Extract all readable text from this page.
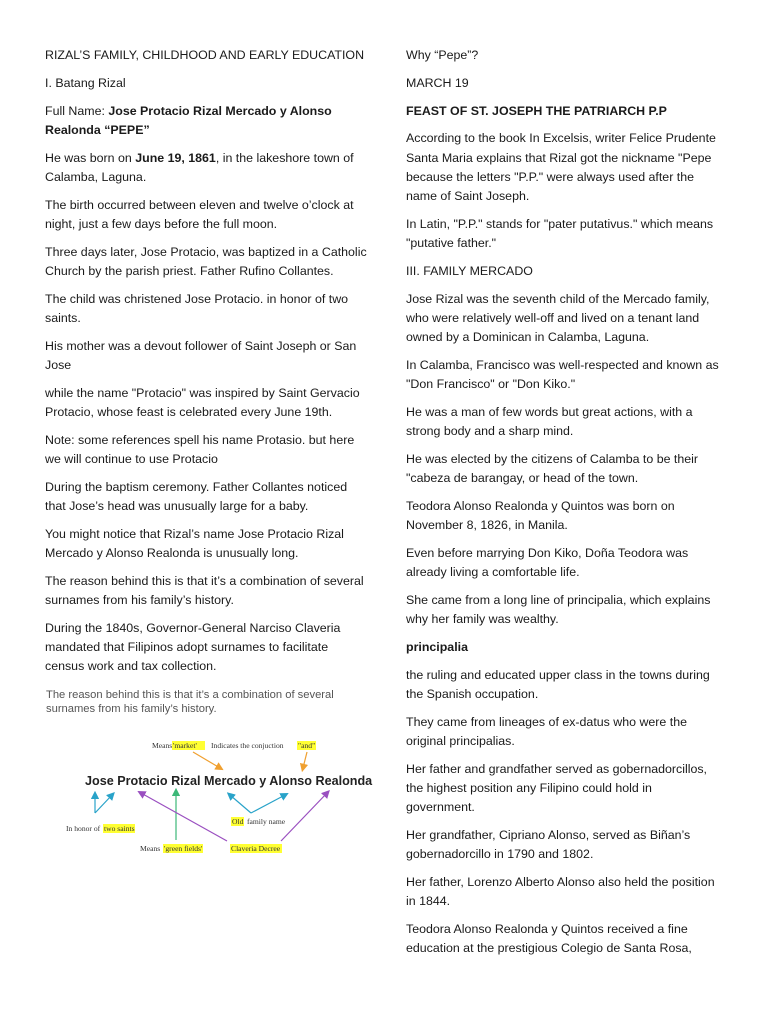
RIZAL’S FAMILY, CHILDHOOD AND EARLY EDUCATION

I. Batang Rizal

Full Name: Jose Protacio Rizal Mercado y Alonso Realonda “PEPE”

He was born on June 19, 1861, in the lakeshore town of Calamba, Laguna.

The birth occurred between eleven and twelve o’clock at night, just a few days before the full moon.

Three days later, Jose Protacio, was baptized in a Catholic Church by the parish priest. Father Rufino Collantes.

The child was christened Jose Protacio. in honor of two saints.

His mother was a devout follower of Saint Joseph or San Jose

while the name "Protacio" was inspired by Saint Gervacio Protacio, whose feast is celebrated every June 19th.

Note: some references spell his name Protasio. but here we will continue to use Protacio

During the baptism ceremony. Father Collantes noticed that Jose’s head was unusually large for a baby.

You might notice that Rizal’s name Jose Protacio Rizal Mercado y Alonso Realonda is unusually long.

The reason behind this is that it’s a combination of several surnames from his family’s history.

During the 1840s, Governor-General Narciso Claveria mandated that Filipinos adopt surnames to facilitate census work and tax collection.

The reason behind this is that it’s a combination of several surnames from his family’s history.
Means 'market' Indicates the conjuction "and"
Jose Protacio Rizal Mercado y Alonso Realonda
In honor of two saints
Means 'green fields'
Old family name
Claveria Decree

Why “Pepe”?

MARCH 19

FEAST OF ST. JOSEPH THE PATRIARCH P.P

According to the book In Excelsis, writer Felice Prudente Santa Maria explains that Rizal got the nickname "Pepe because the letters "P.P." were always used after the name of Saint Joseph.

In Latin, "P.P." stands for "pater putativus." which means "putative father."

III. FAMILY MERCADO

Jose Rizal was the seventh child of the Mercado family, who were relatively well-off and lived on a tenant land owned by a Dominican in Calamba, Laguna.

In Calamba, Francisco was well-respected and known as "Don Francisco" or "Don Kiko."

He was a man of few words but great actions, with a strong body and a sharp mind.

He was elected by the citizens of Calamba to be their "cabeza de barangay, or head of the town.

Teodora Alonso Realonda y Quintos was born on November 8, 1826, in Manila.

Even before marrying Don Kiko, Doña Teodora was already living a comfortable life.

She came from a long line of principalia, which explains why her family was wealthy.

principalia

the ruling and educated upper class in the towns during the Spanish occupation.

They came from lineages of ex-datus who were the original principalias.

Her father and grandfather served as gobernadorcillos, the highest position any Filipino could hold in government.

Her grandfather, Cipriano Alonso, served as Biñan’s gobernadorcillo in 1790 and 1802.

Her father, Lorenzo Alberto Alonso also held the position in 1844.

Teodora Alonso Realonda y Quintos received a fine education at the prestigious Colegio de Santa Rosa,
